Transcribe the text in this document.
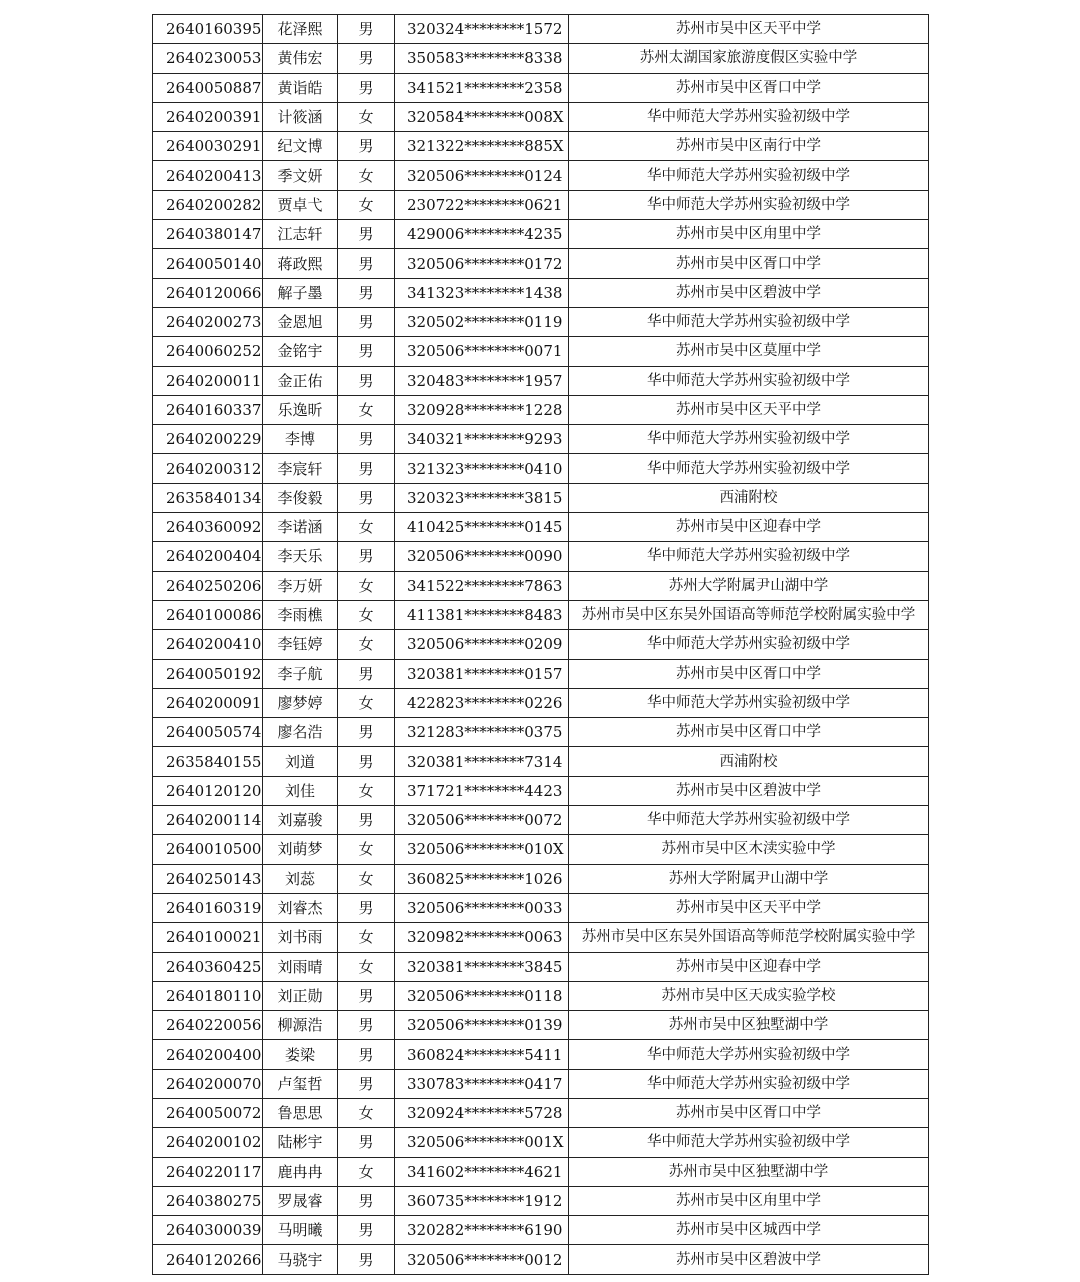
2640160395	花泽熙	男	320324********1572	苏州市吴中区天平中学
2640230053	黄伟宏	男	350583********8338	苏州太湖国家旅游度假区实验中学
2640050887	黄诣皓	男	341521********2358	苏州市吴中区胥口中学
2640200391	计筱涵	女	320584********008X	华中师范大学苏州实验初级中学
2640030291	纪文博	男	321322********885X	苏州市吴中区南行中学
2640200413	季文妍	女	320506********0124	华中师范大学苏州实验初级中学
2640200282	贾卓弋	女	230722********0621	华中师范大学苏州实验初级中学
2640380147	江志轩	男	429006********4235	苏州市吴中区甪里中学
2640050140	蒋政熙	男	320506********0172	苏州市吴中区胥口中学
2640120066	解子墨	男	341323********1438	苏州市吴中区碧波中学
2640200273	金恩旭	男	320502********0119	华中师范大学苏州实验初级中学
2640060252	金铭宇	男	320506********0071	苏州市吴中区莫厘中学
2640200011	金正佑	男	320483********1957	华中师范大学苏州实验初级中学
2640160337	乐逸昕	女	320928********1228	苏州市吴中区天平中学
2640200229	李博	男	340321********9293	华中师范大学苏州实验初级中学
2640200312	李宸轩	男	321323********0410	华中师范大学苏州实验初级中学
2635840134	李俊毅	男	320323********3815	西浦附校
2640360092	李诺涵	女	410425********0145	苏州市吴中区迎春中学
2640200404	李天乐	男	320506********0090	华中师范大学苏州实验初级中学
2640250206	李万妍	女	341522********7863	苏州大学附属尹山湖中学
2640100086	李雨樵	女	411381********8483	苏州市吴中区东吴外国语高等师范学校附属实验中学
2640200410	李钰婷	女	320506********0209	华中师范大学苏州实验初级中学
2640050192	李子航	男	320381********0157	苏州市吴中区胥口中学
2640200091	廖梦婷	女	422823********0226	华中师范大学苏州实验初级中学
2640050574	廖名浩	男	321283********0375	苏州市吴中区胥口中学
2635840155	刘道	男	320381********7314	西浦附校
2640120120	刘佳	女	371721********4423	苏州市吴中区碧波中学
2640200114	刘嘉骏	男	320506********0072	华中师范大学苏州实验初级中学
2640010500	刘萌梦	女	320506********010X	苏州市吴中区木渎实验中学
2640250143	刘蕊	女	360825********1026	苏州大学附属尹山湖中学
2640160319	刘睿杰	男	320506********0033	苏州市吴中区天平中学
2640100021	刘书雨	女	320982********0063	苏州市吴中区东吴外国语高等师范学校附属实验中学
2640360425	刘雨晴	女	320381********3845	苏州市吴中区迎春中学
2640180110	刘正勋	男	320506********0118	苏州市吴中区天成实验学校
2640220056	柳源浩	男	320506********0139	苏州市吴中区独墅湖中学
2640200400	娄梁	男	360824********5411	华中师范大学苏州实验初级中学
2640200070	卢玺哲	男	330783********0417	华中师范大学苏州实验初级中学
2640050072	鲁思思	女	320924********5728	苏州市吴中区胥口中学
2640200102	陆彬宇	男	320506********001X	华中师范大学苏州实验初级中学
2640220117	鹿冉冉	女	341602********4621	苏州市吴中区独墅湖中学
2640380275	罗晟睿	男	360735********1912	苏州市吴中区甪里中学
2640300039	马明曦	男	320282********6190	苏州市吴中区城西中学
2640120266	马骁宇	男	320506********0012	苏州市吴中区碧波中学
